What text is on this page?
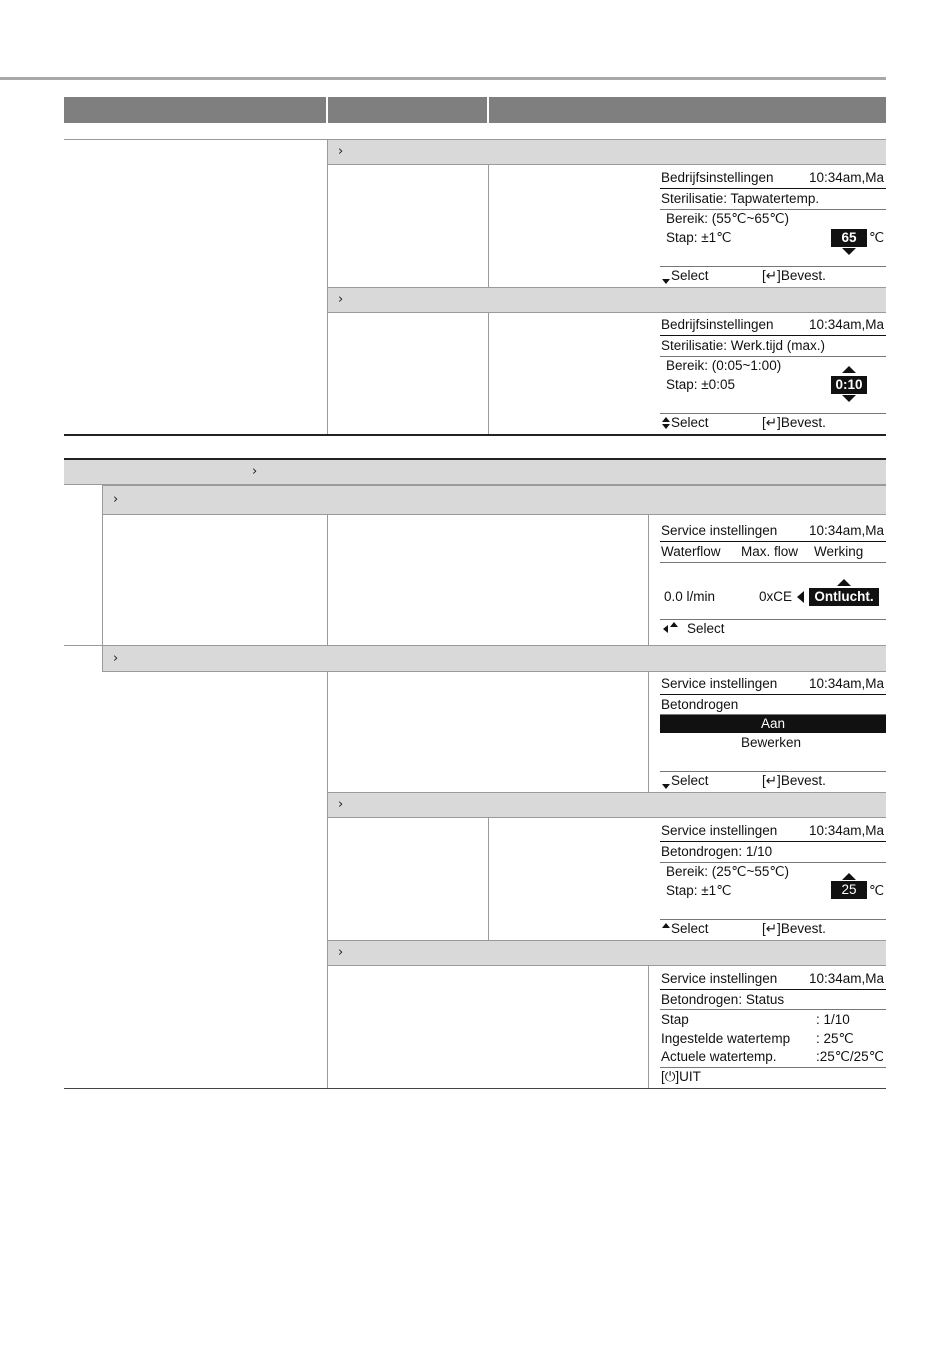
›
Bedrijfsinstellingen	10:34am,Ma
Sterilisatie: Tapwatertemp.
Bereik: (55℃~65℃)
Stap: ±1℃	65 ℃
Select	[↵]Bevest.
›
Bedrijfsinstellingen	10:34am,Ma
Sterilisatie: Werk.tijd (max.)
Bereik: (0:05~1:00)
Stap: ±0:05	0:10
Select	[↵]Bevest.
›
›
Service instellingen 10:34am,Ma
Waterflow Max. flow Werking
0.0 l/min	0xCE	Ontlucht.
Select
›
Service instellingen 10:34am,Ma
Betondrogen
Aan
Bewerken
Select	[↵]Bevest.
›
Service instellingen 10:34am,Ma
Betondrogen: 1/10
Bereik: (25℃~55℃)
Stap: ±1℃	25 ℃
Select	[↵]Bevest.
›
Service instellingen 10:34am,Ma
Betondrogen: Status
Stap	: 1/10
Ingestelde watertemp : 25℃
Actuele watertemp.	:25℃/25℃
[⏻]UIT
